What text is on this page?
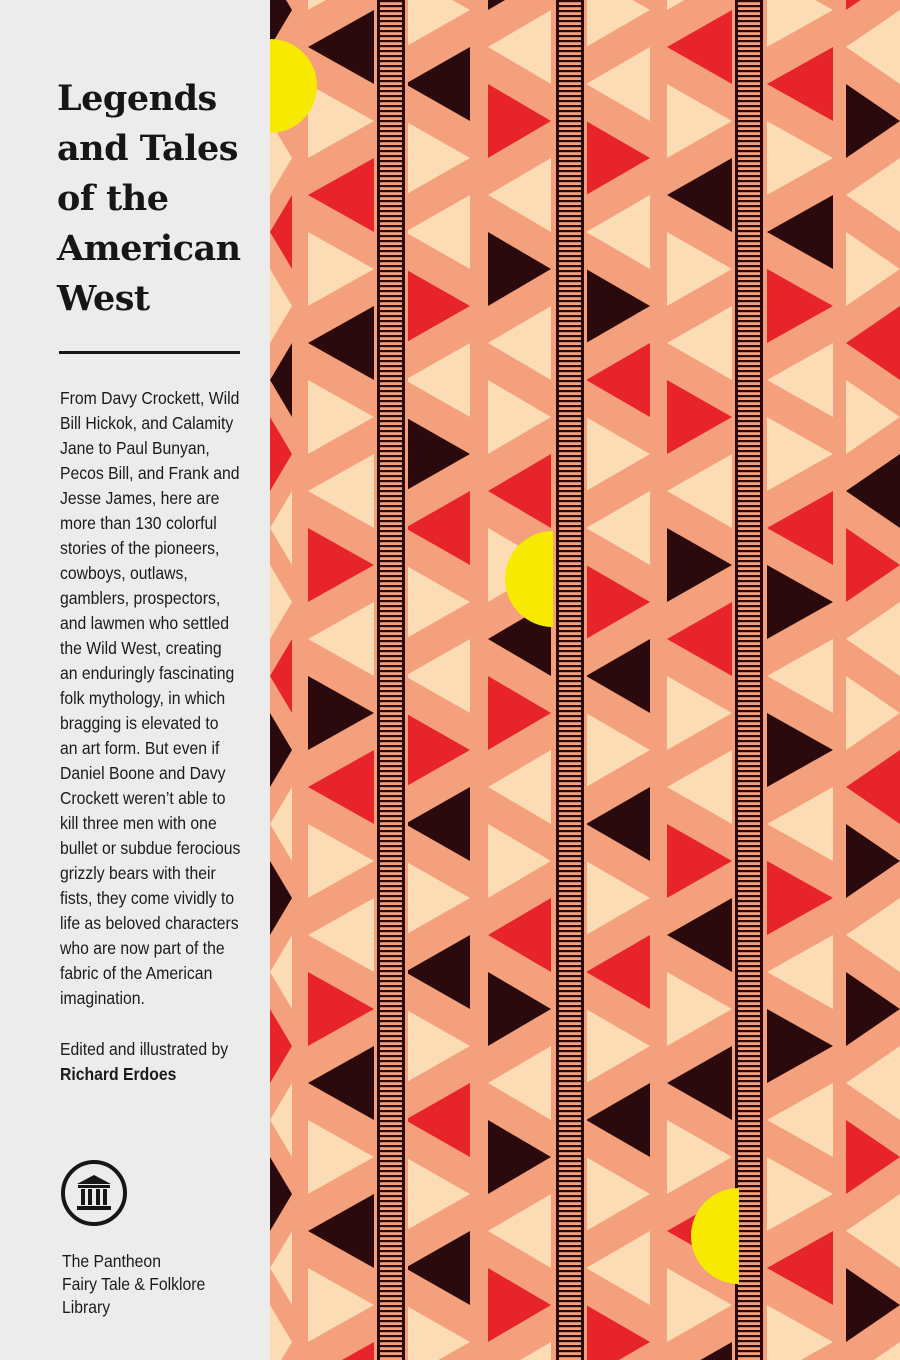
Legends
and Tales
of the
American
West
From Davy Crockett, Wild
Bill Hickok, and Calamity
Jane to Paul Bunyan,
Pecos Bill, and Frank and
Jesse James, here are
more than 130 colorful
stories of the pioneers,
cowboys, outlaws,
gamblers, prospectors,
and lawmen who settled
the Wild West, creating
an enduringly fascinating
folk mythology, in which
bragging is elevated to
an art form. But even if
Daniel Boone and Davy
Crockett weren’t able to
kill three men with one
bullet or subdue ferocious
grizzly bears with their
fists, they come vividly to
life as beloved characters
who are now part of the
fabric of the American
imagination.
Edited and illustrated by
Richard Erdoes
The Pantheon
Fairy Tale & Folklore
Library
